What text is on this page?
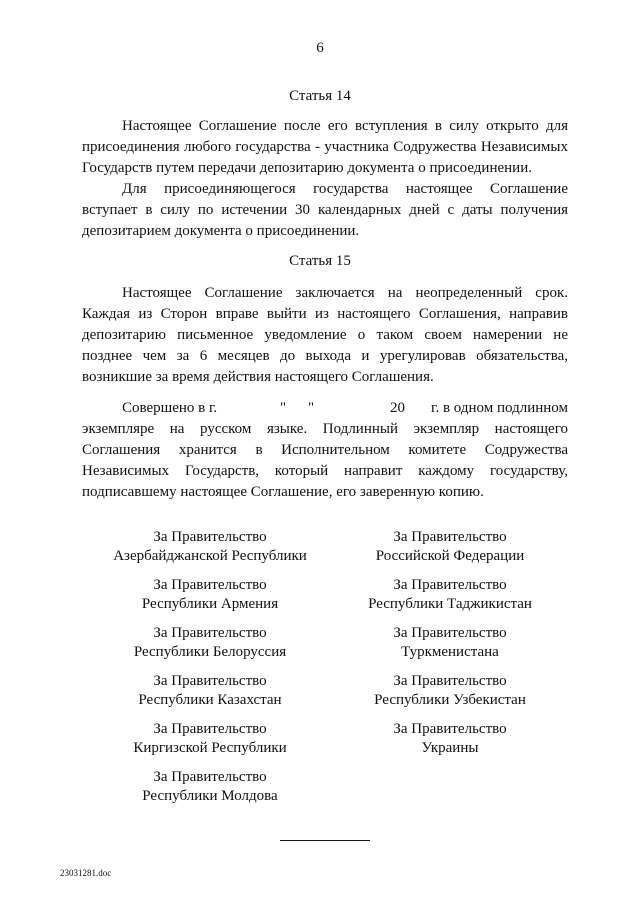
6
Статья 14

Настоящее Соглашение после его вступления в силу открыто для присоединения любого государства - участника Содружества Независимых Государств путем передачи депозитарию документа о присоединении.

Для присоединяющегося государства настоящее Соглашение вступает в силу по истечении 30 календарных дней с даты получения депозитарием документа о присоединении.

Статья 15

Настоящее Соглашение заключается на неопределенный срок. Каждая из Сторон вправе выйти из настоящего Соглашения, направив депозитарию письменное уведомление о таком своем намерении не позднее чем за 6 месяцев до выхода и урегулировав обязательства, возникшие за время действия настоящего Соглашения.

Совершено в г.	" "	20 г. в одном подлинном

экземпляре на русском языке. Подлинный экземпляр настоящего Соглашения хранится в Исполнительном комитете Содружества Независимых Государств, который направит каждому государству, подписавшему настоящее Соглашение, его заверенную копию.

За Правительство
Азербайджанской Республики
За Правительство
Республики Армения
За Правительство
Республики Белоруссия
За Правительство
Республики Казахстан
За Правительство
Киргизской Республики
За Правительство
Республики Молдова
За Правительство
Российской Федерации
За Правительство
Республики Таджикистан
За Правительство
Туркменистана
За Правительство
Республики Узбекистан
За Правительство
Украины
23031281.doc
